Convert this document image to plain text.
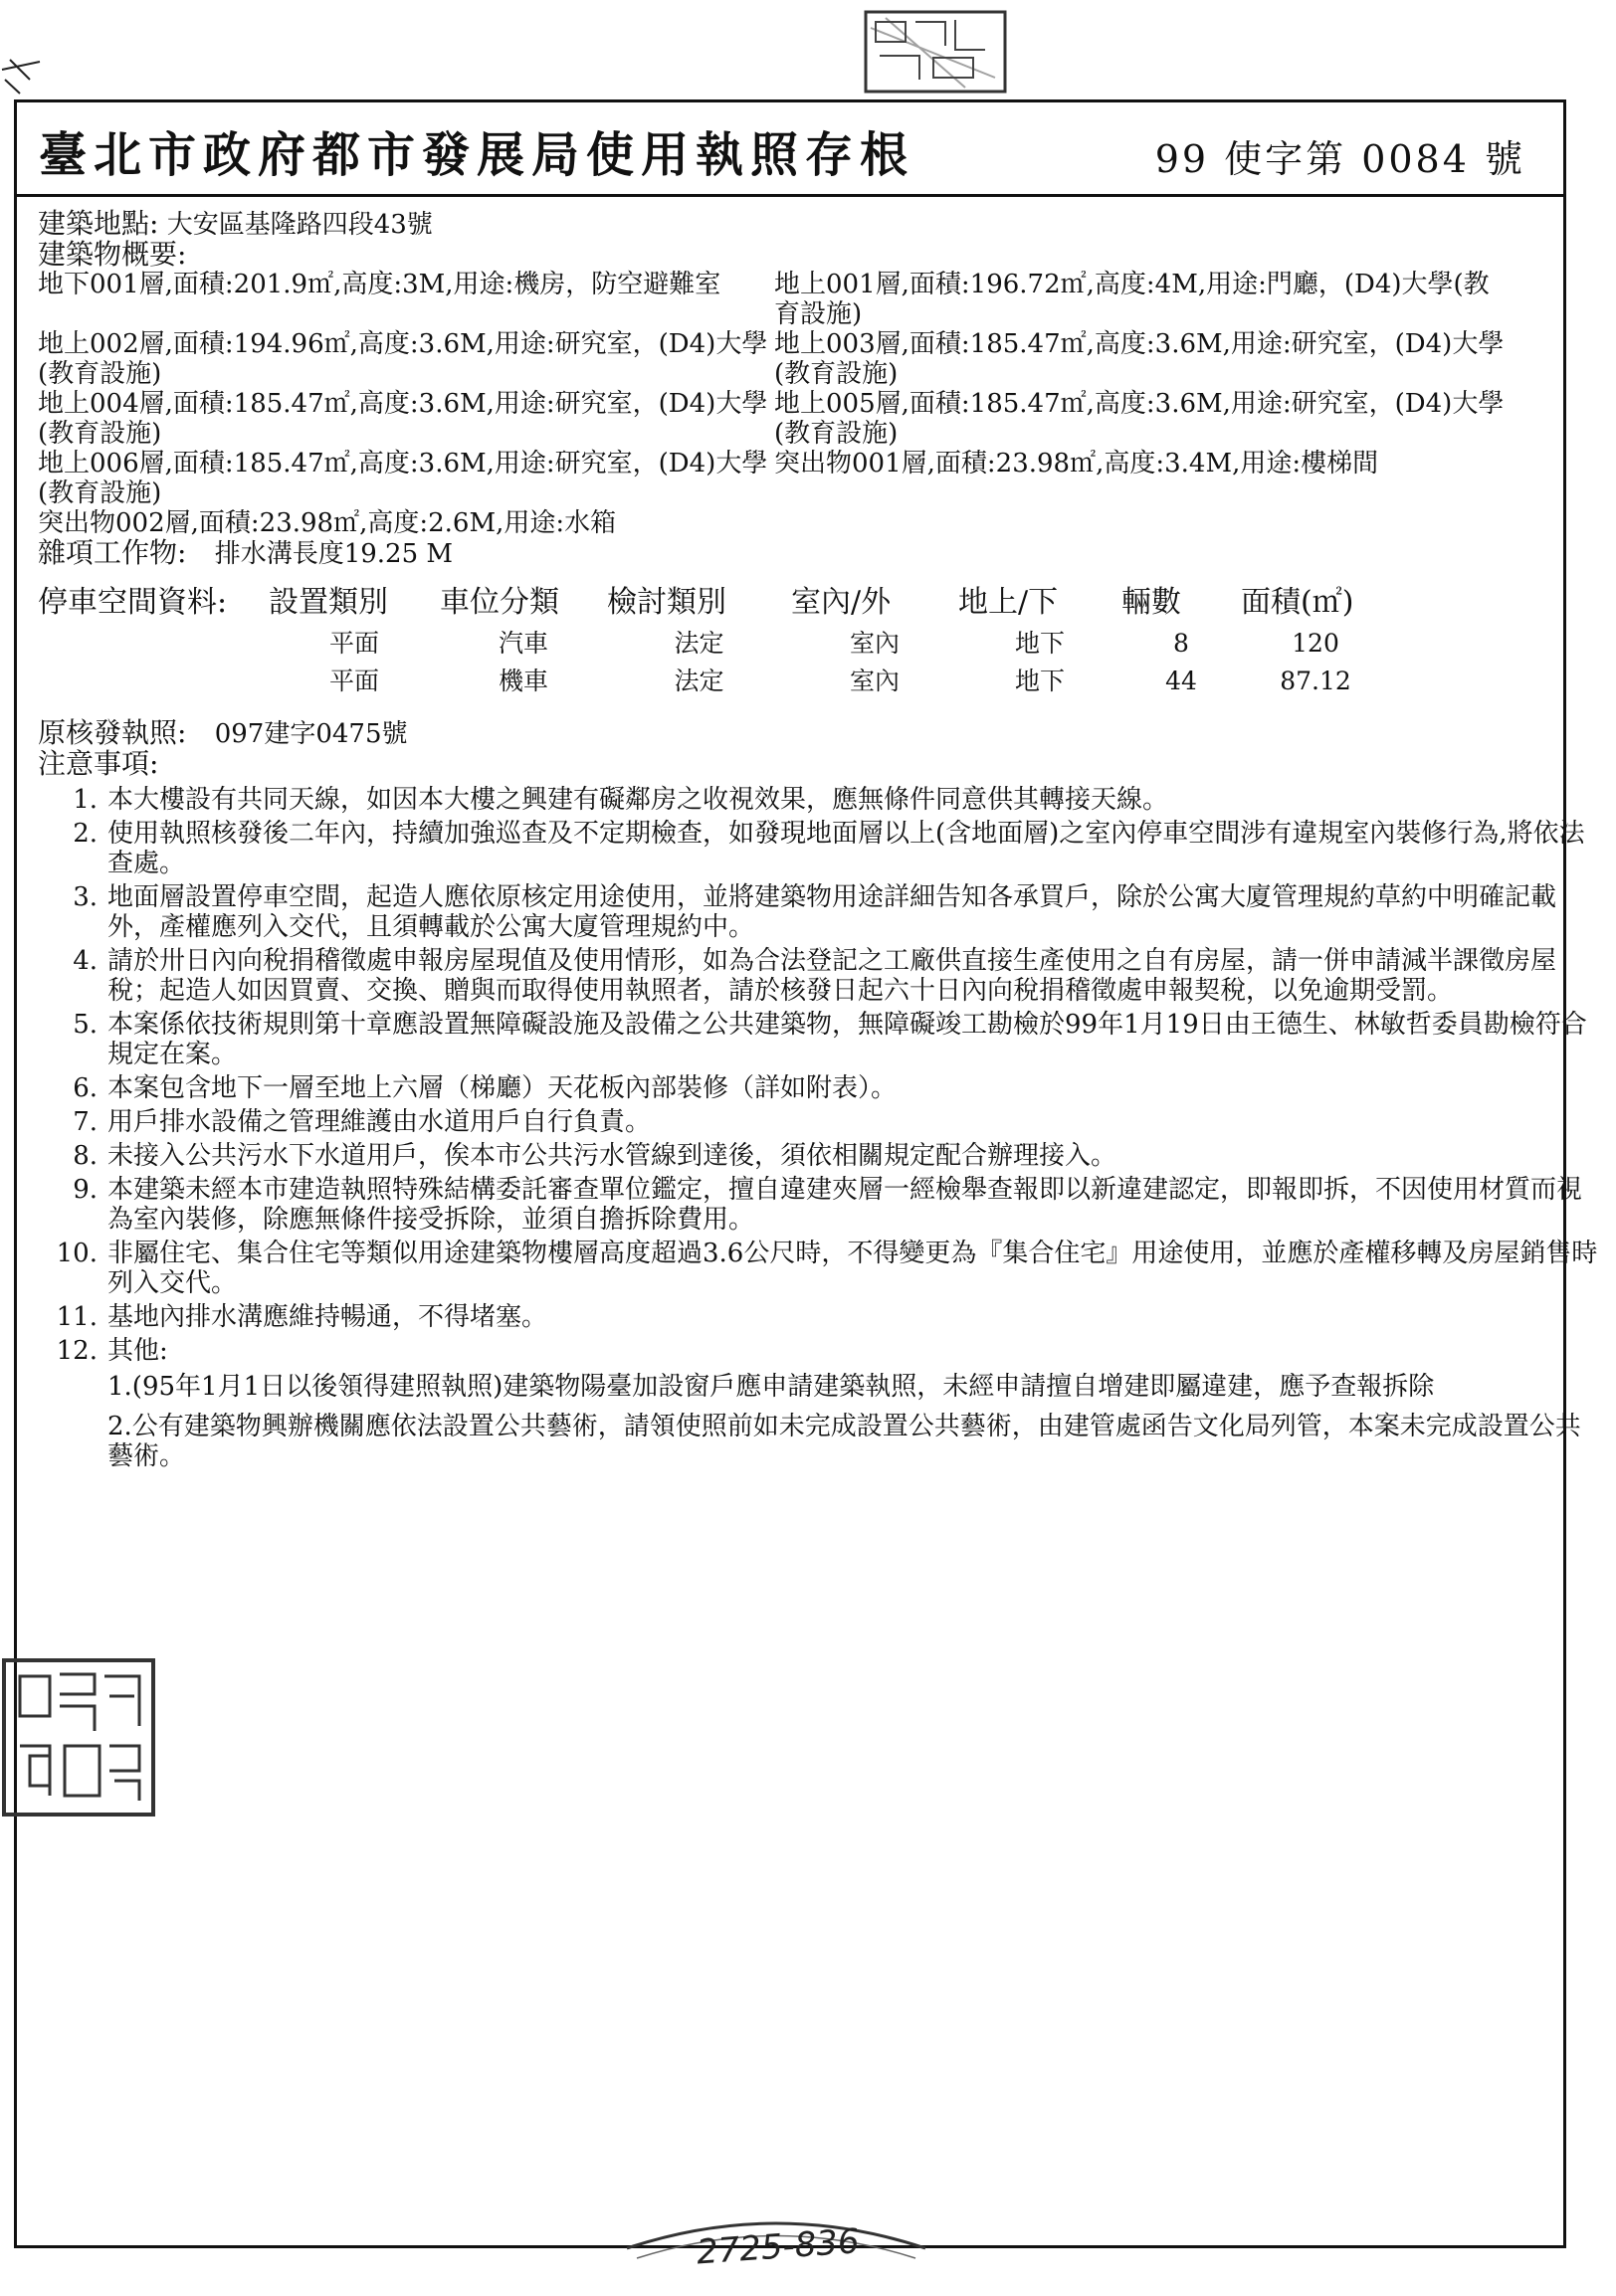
臺北市政府都市發展局使用執照存根	99 使字第 0084 號
建築地點: 大安區基隆路四段43號
建築物概要:
地下001層,面積:201.9㎡,高度:3M,用途:機房，防空避難室	地上001層,面積:196.72㎡,高度:4M,用途:門廳，(D4)大學(教育設施)
地上002層,面積:194.96㎡,高度:3.6M,用途:研究室，(D4)大學(教育設施)
地上003層,面積:185.47㎡,高度:3.6M,用途:研究室，(D4)大學(教育設施)
地上004層,面積:185.47㎡,高度:3.6M,用途:研究室，(D4)大學(教育設施)
地上005層,面積:185.47㎡,高度:3.6M,用途:研究室，(D4)大學(教育設施)
地上006層,面積:185.47㎡,高度:3.6M,用途:研究室，(D4)大學(教育設施)
突出物001層,面積:23.98㎡,高度:3.4M,用途:樓梯間
突出物002層,面積:23.98㎡,高度:2.6M,用途:水箱
雜項工作物: 排水溝長度19.25 M
停車空間資料:	設置類別	車位分類	檢討類別	室內/外	地上/下	輛數	面積(㎡)
平面	汽車	法定	室內	地下	8	120
平面	機車	法定	室內	地下	44	87.12
原核發執照: 097建字0475號
注意事項:
1. 本大樓設有共同天線，如因本大樓之興建有礙鄰房之收視效果，應無條件同意供其轉接天線。
2. 使用執照核發後二年內，持續加強巡查及不定期檢查，如發現地面層以上(含地面層)之室內停車空間涉有違規室內裝修行為,將依法查處。
3. 地面層設置停車空間，起造人應依原核定用途使用，並將建築物用途詳細告知各承買戶，除於公寓大廈管理規約草約中明確記載外，產權應列入交代，且須轉載於公寓大廈管理規約中。
4. 請於卅日內向稅捐稽徵處申報房屋現值及使用情形，如為合法登記之工廠供直接生產使用之自有房屋，請一併申請減半課徵房屋稅；起造人如因買賣、交換、贈與而取得使用執照者，請於核發日起六十日內向稅捐稽徵處申報契稅，以免逾期受罰。
5. 本案係依技術規則第十章應設置無障礙設施及設備之公共建築物，無障礙竣工勘檢於99年1月19日由王德生、林敏哲委員勘檢符合規定在案。
6. 本案包含地下一層至地上六層（梯廳）天花板內部裝修（詳如附表）。
7. 用戶排水設備之管理維護由水道用戶自行負責。
8. 未接入公共污水下水道用戶，俟本市公共污水管線到達後，須依相關規定配合辦理接入。
9. 本建築未經本市建造執照特殊結構委託審查單位鑑定，擅自違建夾層一經檢舉查報即以新違建認定，即報即拆，不因使用材質而視為室內裝修，除應無條件接受拆除，並須自擔拆除費用。
10. 非屬住宅、集合住宅等類似用途建築物樓層高度超過3.6公尺時，不得變更為『集合住宅』用途使用，並應於產權移轉及房屋銷售時列入交代。
11. 基地內排水溝應維持暢通，不得堵塞。
12. 其他:
1.(95年1月1日以後領得建照執照)建築物陽臺加設窗戶應申請建築執照，未經申請擅自增建即屬違建，應予查報拆除
2.公有建築物興辦機關應依法設置公共藝術，請領使照前如未完成設置公共藝術，由建管處函告文化局列管，本案未完成設置公共藝術。
2725-836
